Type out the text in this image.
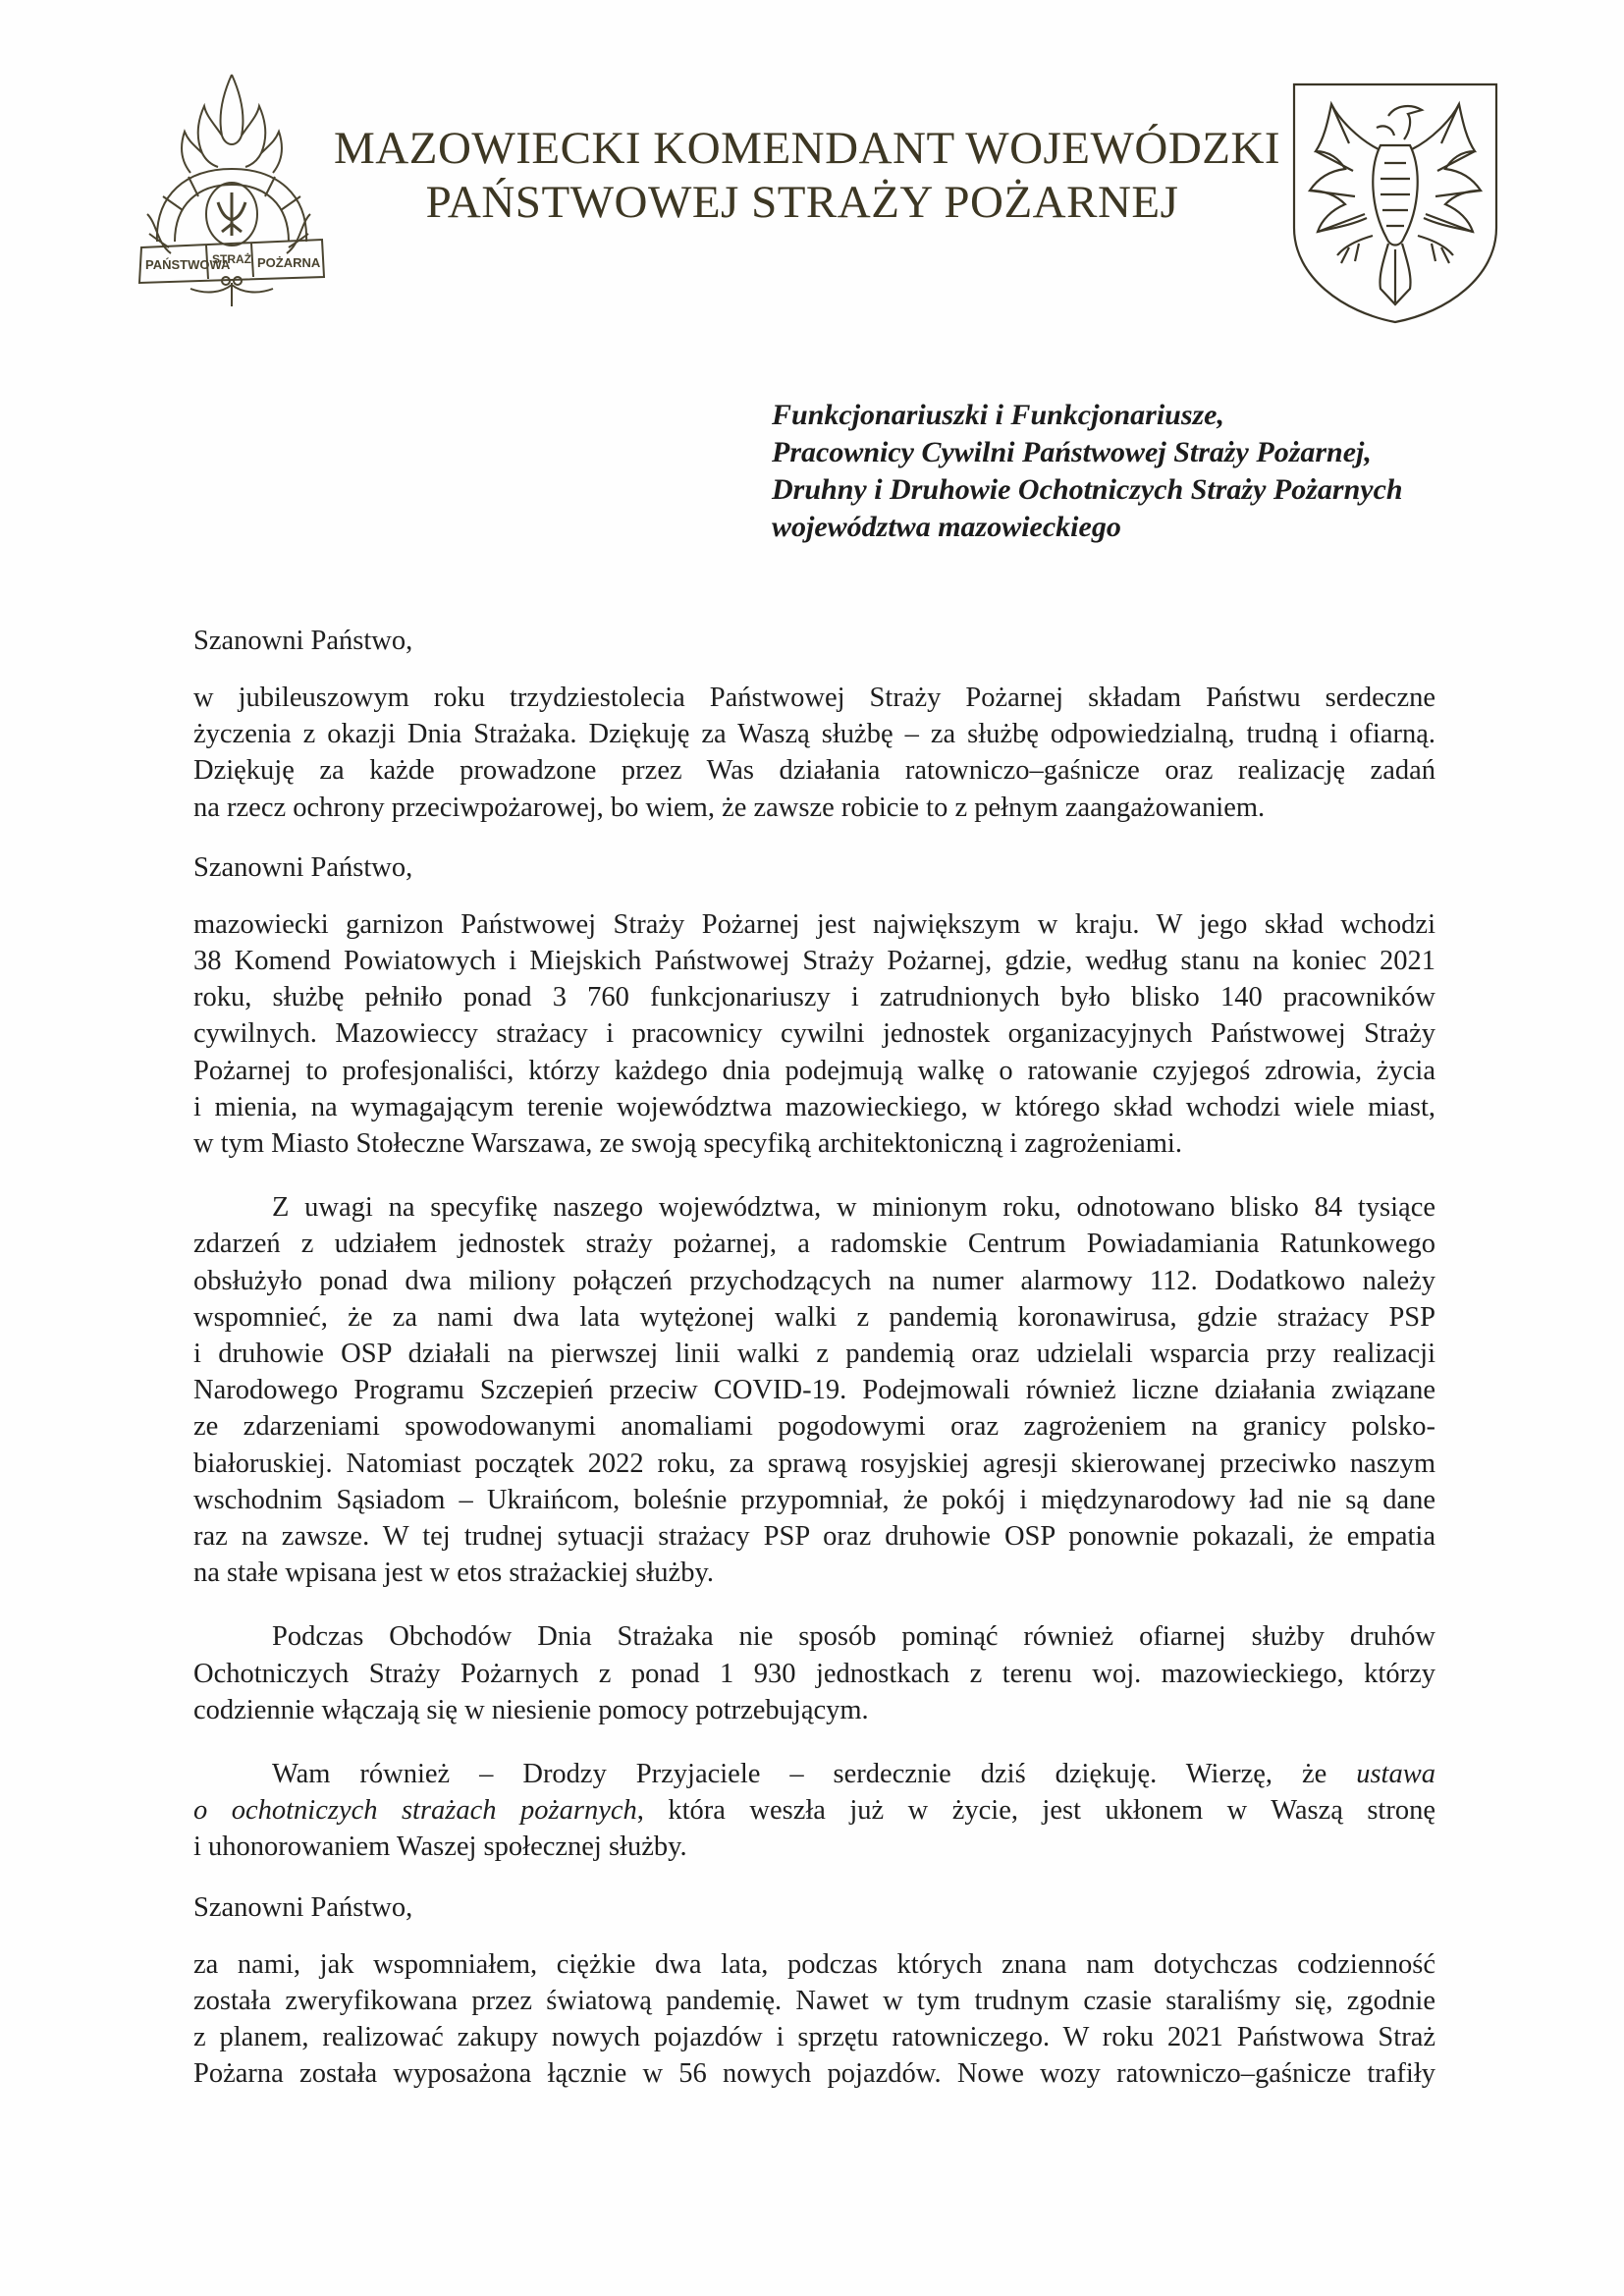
PAŃSTWOWA
STRAŻ POŻARNA
MAZOWIECKI KOMENDANT WOJEWÓDZKI
PAŃSTWOWEJ STRAŻY POŻARNEJ
Funkcjonariuszki i Funkcjonariusze,
Pracownicy Cywilni Państwowej Straży Pożarnej,
Druhny i Druhowie Ochotniczych Straży Pożarnych
województwa mazowieckiego

Szanowni Państwo,

w jubileuszowym roku trzydziestolecia Państwowej Straży Pożarnej składam Państwu serdeczne
życzenia z okazji Dnia Strażaka. Dziękuję za Waszą służbę – za służbę odpowiedzialną, trudną i ofiarną.
Dziękuję za każde prowadzone przez Was działania ratowniczo–gaśnicze oraz realizację zadań
na rzecz ochrony przeciwpożarowej, bo wiem, że zawsze robicie to z pełnym zaangażowaniem.

Szanowni Państwo,

mazowiecki garnizon Państwowej Straży Pożarnej jest największym w kraju. W jego skład wchodzi
38 Komend Powiatowych i Miejskich Państwowej Straży Pożarnej, gdzie, według stanu na koniec 2021
roku, służbę pełniło ponad 3 760 funkcjonariuszy i zatrudnionych było blisko 140 pracowników
cywilnych. Mazowieccy strażacy i pracownicy cywilni jednostek organizacyjnych Państwowej Straży
Pożarnej to profesjonaliści, którzy każdego dnia podejmują walkę o ratowanie czyjegoś zdrowia, życia
i mienia, na wymagającym terenie województwa mazowieckiego, w którego skład wchodzi wiele miast,
w tym Miasto Stołeczne Warszawa, ze swoją specyfiką architektoniczną i zagrożeniami.
Z uwagi na specyfikę naszego województwa, w minionym roku, odnotowano blisko 84 tysiące
zdarzeń z udziałem jednostek straży pożarnej, a radomskie Centrum Powiadamiania Ratunkowego
obsłużyło ponad dwa miliony połączeń przychodzących na numer alarmowy 112. Dodatkowo należy
wspomnieć, że za nami dwa lata wytężonej walki z pandemią koronawirusa, gdzie strażacy PSP
i druhowie OSP działali na pierwszej linii walki z pandemią oraz udzielali wsparcia przy realizacji
Narodowego Programu Szczepień przeciw COVID-19. Podejmowali również liczne działania związane
ze zdarzeniami spowodowanymi anomaliami pogodowymi oraz zagrożeniem na granicy polsko-
białoruskiej. Natomiast początek 2022 roku, za sprawą rosyjskiej agresji skierowanej przeciwko naszym
wschodnim Sąsiadom – Ukraińcom, boleśnie przypomniał, że pokój i międzynarodowy ład nie są dane
raz na zawsze. W tej trudnej sytuacji strażacy PSP oraz druhowie OSP ponownie pokazali, że empatia
na stałe wpisana jest w etos strażackiej służby.
Podczas Obchodów Dnia Strażaka nie sposób pominąć również ofiarnej służby druhów
Ochotniczych Straży Pożarnych z ponad 1 930 jednostkach z terenu woj. mazowieckiego, którzy
codziennie włączają się w niesienie pomocy potrzebującym.
Wam również – Drodzy Przyjaciele – serdecznie dziś dziękuję. Wierzę, że ustawa
o ochotniczych strażach pożarnych, która weszła już w życie, jest ukłonem w Waszą stronę
i uhonorowaniem Waszej społecznej służby.

Szanowni Państwo,

za nami, jak wspomniałem, ciężkie dwa lata, podczas których znana nam dotychczas codzienność
została zweryfikowana przez światową pandemię. Nawet w tym trudnym czasie staraliśmy się, zgodnie
z planem, realizować zakupy nowych pojazdów i sprzętu ratowniczego. W roku 2021 Państwowa Straż
Pożarna została wyposażona łącznie w 56 nowych pojazdów. Nowe wozy ratowniczo–gaśnicze trafiły
